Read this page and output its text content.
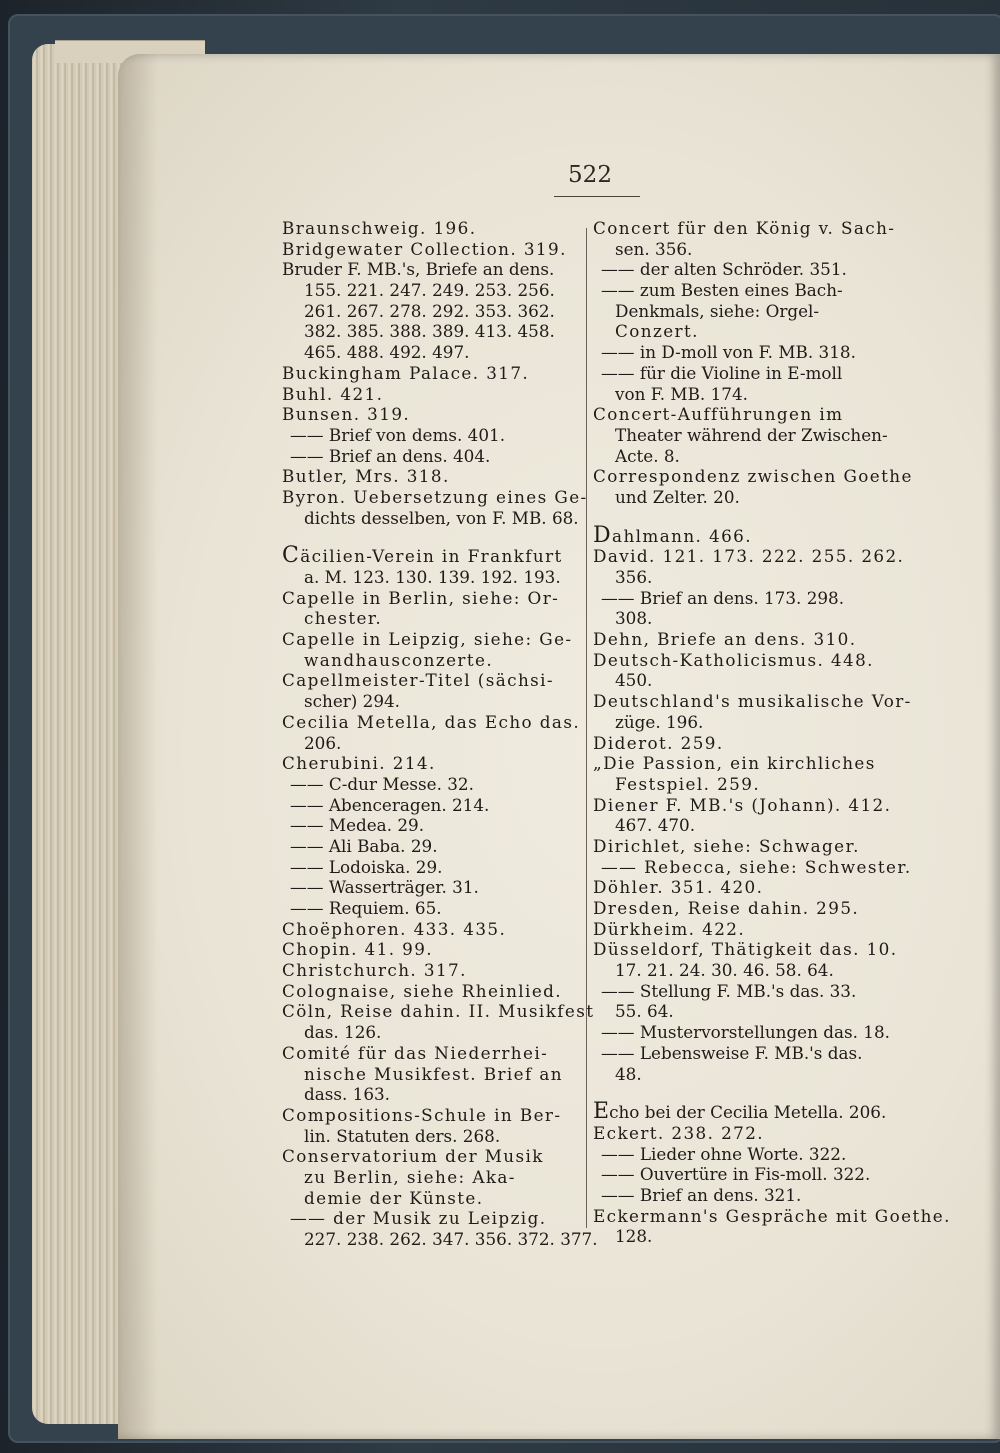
522
Braunschweig. 196.
Bridgewater Collection. 319.
Bruder F. MB.'s, Briefe an dens.
155. 221. 247. 249. 253. 256.
261. 267. 278. 292. 353. 362.
382. 385. 388. 389. 413. 458.
465. 488. 492. 497.
Buckingham Palace. 317.
Buhl. 421.
Bunsen. 319.
—— Brief von dems. 401.
—— Brief an dens. 404.
Butler, Mrs. 318.
Byron. Uebersetzung eines Ge-
dichts desselben, von F. MB. 68.
Cäcilien-Verein in Frankfurt
a. M. 123. 130. 139. 192. 193.
Capelle in Berlin, siehe: Or-
chester.
Capelle in Leipzig, siehe: Ge-
wandhausconzerte.
Capellmeister-Titel (sächsi-
scher) 294.
Cecilia Metella, das Echo das.
206.
Cherubini. 214.
—— C-dur Messe. 32.
—— Abenceragen. 214.
—— Medea. 29.
—— Ali Baba. 29.
—— Lodoiska. 29.
—— Wasserträger. 31.
—— Requiem. 65.
Choëphoren. 433. 435.
Chopin. 41. 99.
Christchurch. 317.
Colognaise, siehe Rheinlied.
Cöln, Reise dahin. II. Musikfest
das. 126.
Comité für das Niederrhei-
nische Musikfest. Brief an
dass. 163.
Compositions-Schule in Ber-
lin. Statuten ders. 268.
Conservatorium der Musik
zu Berlin, siehe: Aka-
demie der Künste.
—— der Musik zu Leipzig.
227. 238. 262. 347. 356. 372. 377.
Concert für den König v. Sach-
sen. 356.
—— der alten Schröder. 351.
—— zum Besten eines Bach-
Denkmals, siehe: Orgel-
Conzert.
—— in D-moll von F. MB. 318.
—— für die Violine in E-moll
von F. MB. 174.
Concert-Aufführungen im
Theater während der Zwischen-
Acte. 8.
Correspondenz zwischen Goethe
und Zelter. 20.
Dahlmann. 466.
David. 121. 173. 222. 255. 262.
356.
—— Brief an dens. 173. 298.
308.
Dehn, Briefe an dens. 310.
Deutsch-Katholicismus. 448.
450.
Deutschland's musikalische Vor-
züge. 196.
Diderot. 259.
„Die Passion, ein kirchliches
Festspiel. 259.
Diener F. MB.'s (Johann). 412.
467. 470.
Dirichlet, siehe: Schwager.
—— Rebecca, siehe: Schwester.
Döhler. 351. 420.
Dresden, Reise dahin. 295.
Dürkheim. 422.
Düsseldorf, Thätigkeit das. 10.
17. 21. 24. 30. 46. 58. 64.
—— Stellung F. MB.'s das. 33.
55. 64.
—— Mustervorstellungen das. 18.
—— Lebensweise F. MB.'s das.
48.
Echo bei der Cecilia Metella. 206.
Eckert. 238. 272.
—— Lieder ohne Worte. 322.
—— Ouvertüre in Fis-moll. 322.
—— Brief an dens. 321.
Eckermann's Gespräche mit Goethe.
128.
